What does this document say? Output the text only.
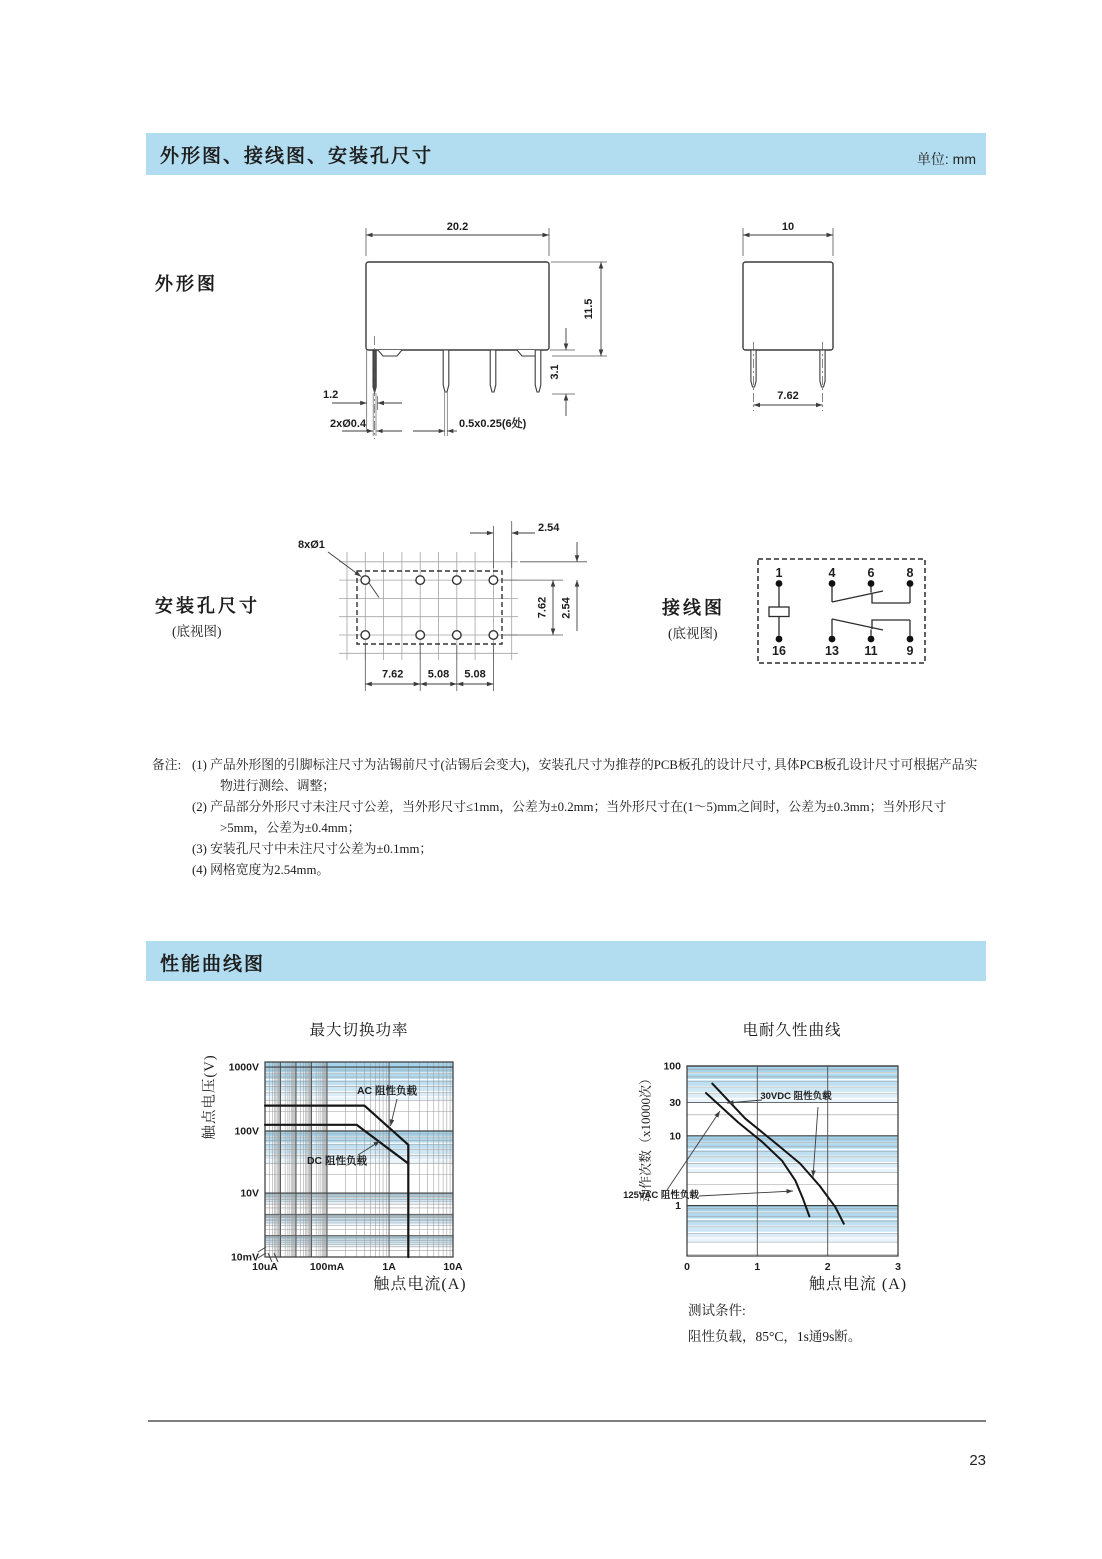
外形图、接线图、安装孔尺寸	单位: mm
外形图
20.2
11.5
3.1
1.2
2xØ0.4	0.5x0.25(6处)
10
7.62
安装孔尺寸
(底视图)
8xØ1
2.54
7.62 2.54
7.62 5.08 5.08
接线图
(底视图)
1	4	6	8
16	13 11 9
备注: (1) 产品外形图的引脚标注尺寸为沾锡前尺寸(沾锡后会变大)，安装孔尺寸为推荐的PCB板孔的设计尺寸, 具体PCB板孔设计尺寸可根据产品实物进行测绘、调整；
(2) 产品部分外形尺寸未注尺寸公差，当外形尺寸≤1mm，公差为±0.2mm；当外形尺寸在(1～5)mm之间时，公差为±0.3mm；当外形尺寸>5mm，公差为±0.4mm；
(3) 安装孔尺寸中未注尺寸公差为±0.1mm；
(4) 网格宽度为2.54mm。
性能曲线图
最大切换功率	电耐久性曲线
AC 阻性负载
DC 阻性负载
1000V
100V
10V
10mV
10uA	100mA	1A	10A
触点电压(V)
触点电流(A)
30VDC 阻性负载
125VAC 阻性负载
100
30
10
1
0	1	2	3
动作次数（x10000次）
触点电流 (A)
测试条件:
阻性负载，85°C，1s通9s断。
23
